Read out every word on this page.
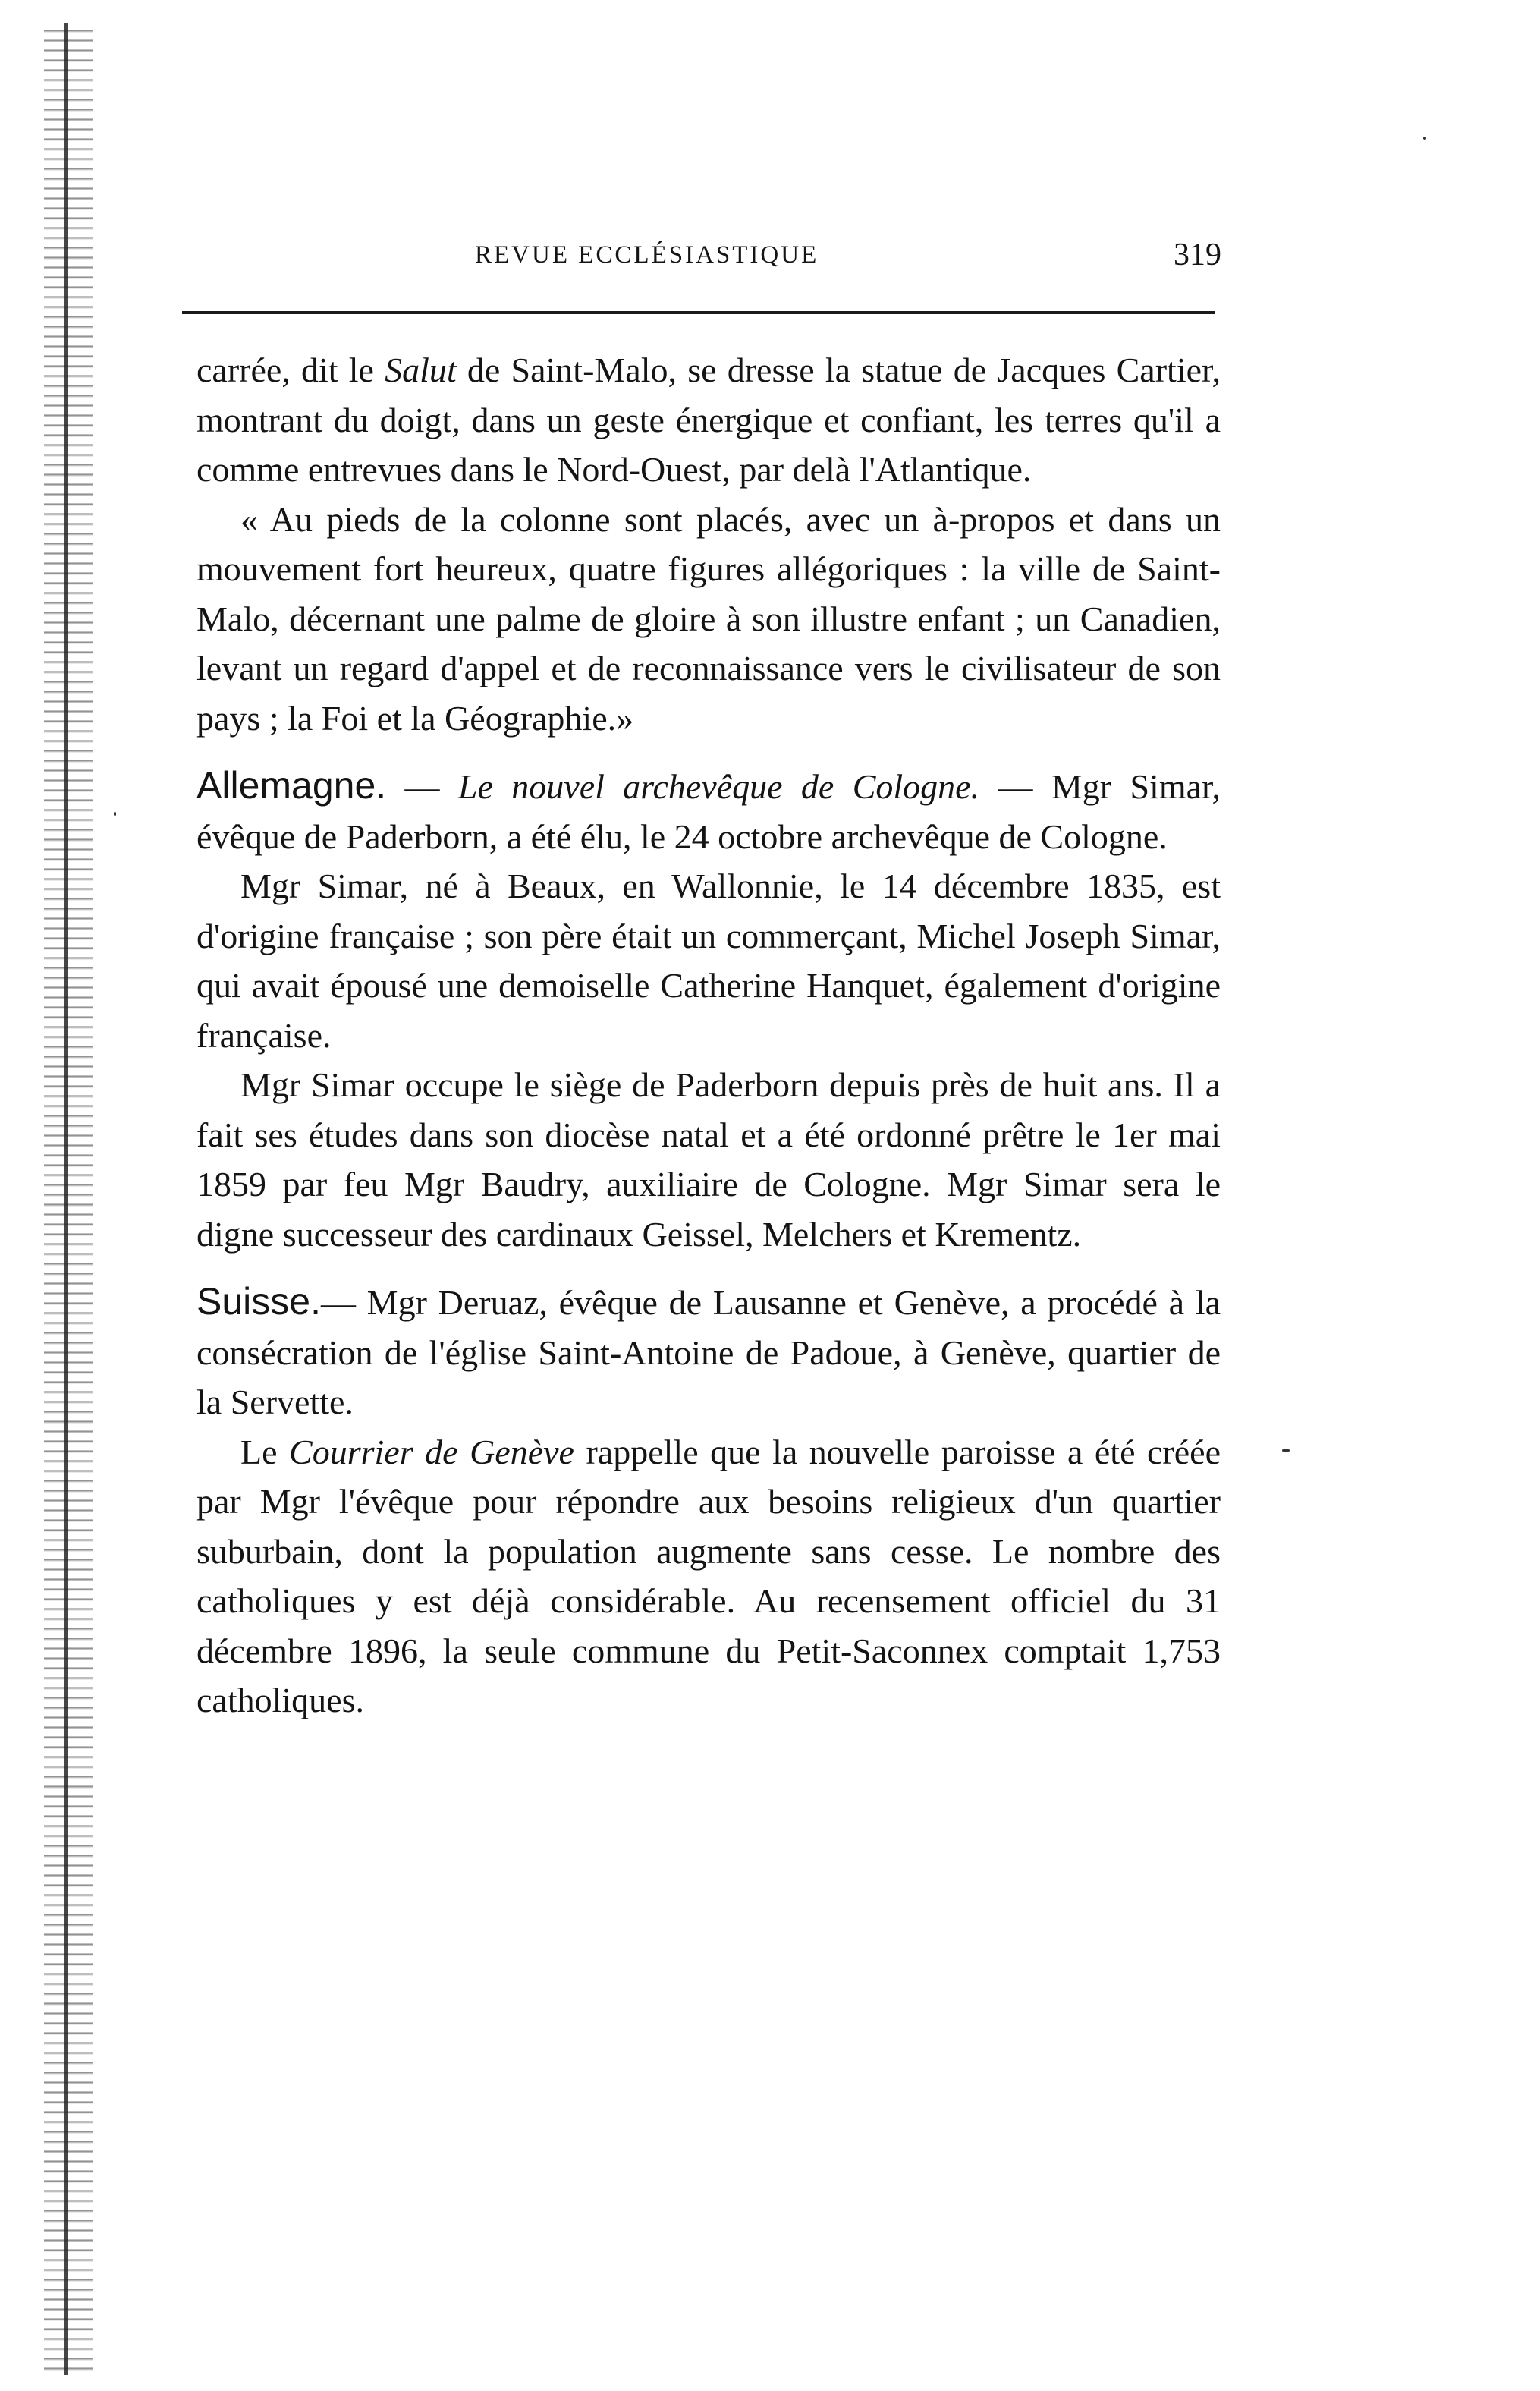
REVUE ECCLÉSIASTIQUE	319

carrée, dit le Salut de Saint-Malo, se dresse la statue de Jacques Cartier, montrant du doigt, dans un geste énergique et confiant, les terres qu'il a comme entrevues dans le Nord-Ouest, par delà l'Atlantique.

« Au pieds de la colonne sont placés, avec un à-propos et dans un mouvement fort heureux, quatre figures allégoriques : la ville de Saint-Malo, décernant une palme de gloire à son illustre enfant ; un Canadien, levant un regard d'appel et de reconnaissance vers le civilisateur de son pays ; la Foi et la Géographie.»

Allemagne. — Le nouvel archevêque de Cologne. — Mgr Simar, évêque de Paderborn, a été élu, le 24 octobre archevêque de Cologne.

Mgr Simar, né à Beaux, en Wallonnie, le 14 décembre 1835, est d'origine française ; son père était un commerçant, Michel Joseph Simar, qui avait épousé une demoiselle Catherine Hanquet, également d'origine française.

Mgr Simar occupe le siège de Paderborn depuis près de huit ans. Il a fait ses études dans son diocèse natal et a été ordonné prêtre le 1er mai 1859 par feu Mgr Baudry, auxiliaire de Cologne. Mgr Simar sera le digne successeur des cardinaux Geissel, Melchers et Krementz.

Suisse.— Mgr Deruaz, évêque de Lausanne et Genève, a procédé à la consécration de l'église Saint-Antoine de Padoue, à Genève, quartier de la Servette.

Le Courrier de Genève rappelle que la nouvelle paroisse a été créée par Mgr l'évêque pour répondre aux besoins religieux d'un quartier suburbain, dont la population augmente sans cesse. Le nombre des catholiques y est déjà considérable. Au recensement officiel du 31 décembre 1896, la seule commune du Petit-Saconnex comptait 1,753 catholiques.
